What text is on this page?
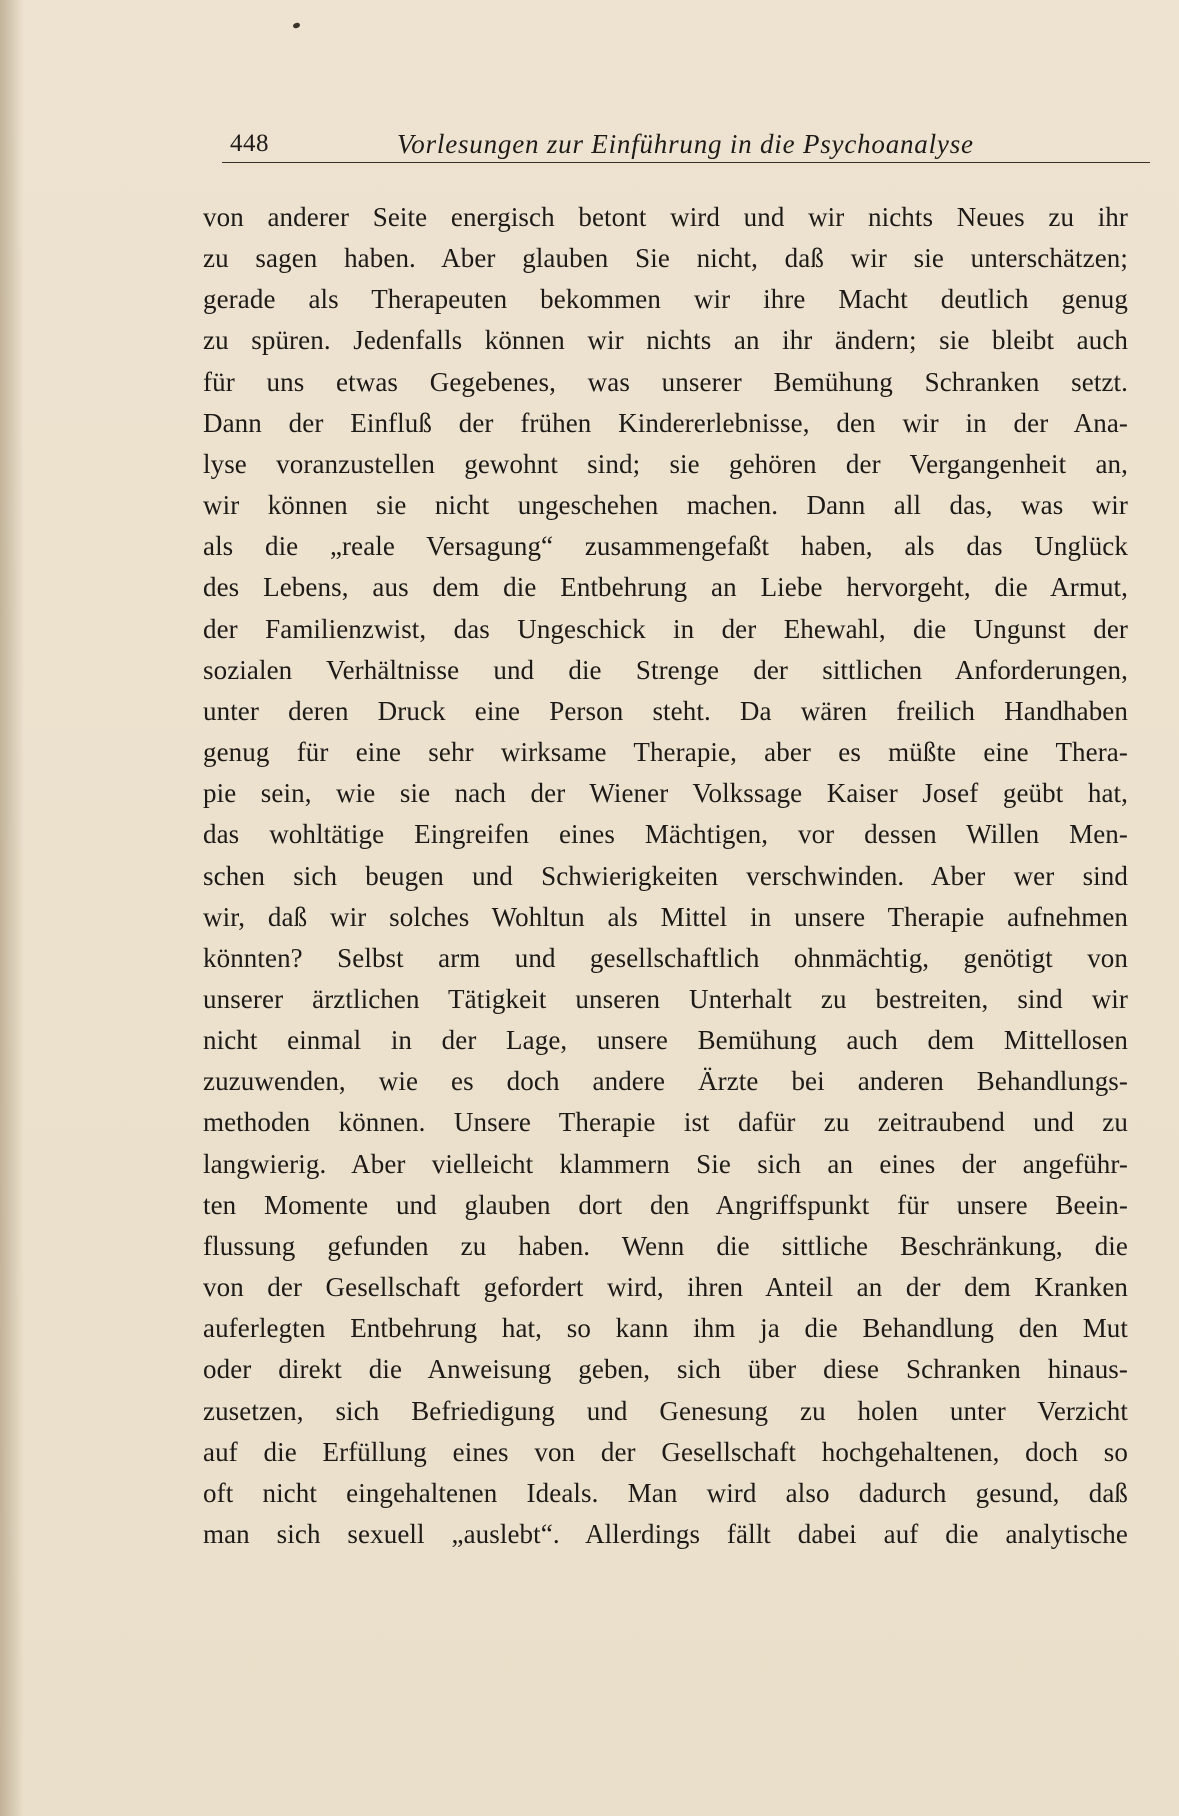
448	Vorlesungen zur Einführung in die Psychoanalyse
von anderer Seite energisch betont wird und wir nichts Neues zu ihr
zu sagen haben. Aber glauben Sie nicht, daß wir sie unterschätzen;
gerade als Therapeuten bekommen wir ihre Macht deutlich genug
zu spüren. Jedenfalls können wir nichts an ihr ändern; sie bleibt auch
für uns etwas Gegebenes, was unserer Bemühung Schranken setzt.
Dann der Einfluß der frühen Kindererlebnisse, den wir in der Ana-
lyse voranzustellen gewohnt sind; sie gehören der Vergangenheit an,
wir können sie nicht ungeschehen machen. Dann all das, was wir
als die „reale Versagung“ zusammengefaßt haben, als das Unglück
des Lebens, aus dem die Entbehrung an Liebe hervorgeht, die Armut,
der Familienzwist, das Ungeschick in der Ehewahl, die Ungunst der
sozialen Verhältnisse und die Strenge der sittlichen Anforderungen,
unter deren Druck eine Person steht. Da wären freilich Handhaben
genug für eine sehr wirksame Therapie, aber es müßte eine Thera-
pie sein, wie sie nach der Wiener Volkssage Kaiser Josef geübt hat,
das wohltätige Eingreifen eines Mächtigen, vor dessen Willen Men-
schen sich beugen und Schwierigkeiten verschwinden. Aber wer sind
wir, daß wir solches Wohltun als Mittel in unsere Therapie aufnehmen
könnten? Selbst arm und gesellschaftlich ohnmächtig, genötigt von
unserer ärztlichen Tätigkeit unseren Unterhalt zu bestreiten, sind wir
nicht einmal in der Lage, unsere Bemühung auch dem Mittellosen
zuzuwenden, wie es doch andere Ärzte bei anderen Behandlungs-
methoden können. Unsere Therapie ist dafür zu zeitraubend und zu
langwierig. Aber vielleicht klammern Sie sich an eines der angeführ-
ten Momente und glauben dort den Angriffspunkt für unsere Beein-
flussung gefunden zu haben. Wenn die sittliche Beschränkung, die
von der Gesellschaft gefordert wird, ihren Anteil an der dem Kranken
auferlegten Entbehrung hat, so kann ihm ja die Behandlung den Mut
oder direkt die Anweisung geben, sich über diese Schranken hinaus-
zusetzen, sich Befriedigung und Genesung zu holen unter Verzicht
auf die Erfüllung eines von der Gesellschaft hochgehaltenen, doch so
oft nicht eingehaltenen Ideals. Man wird also dadurch gesund, daß
man sich sexuell „auslebt“. Allerdings fällt dabei auf die analytische
